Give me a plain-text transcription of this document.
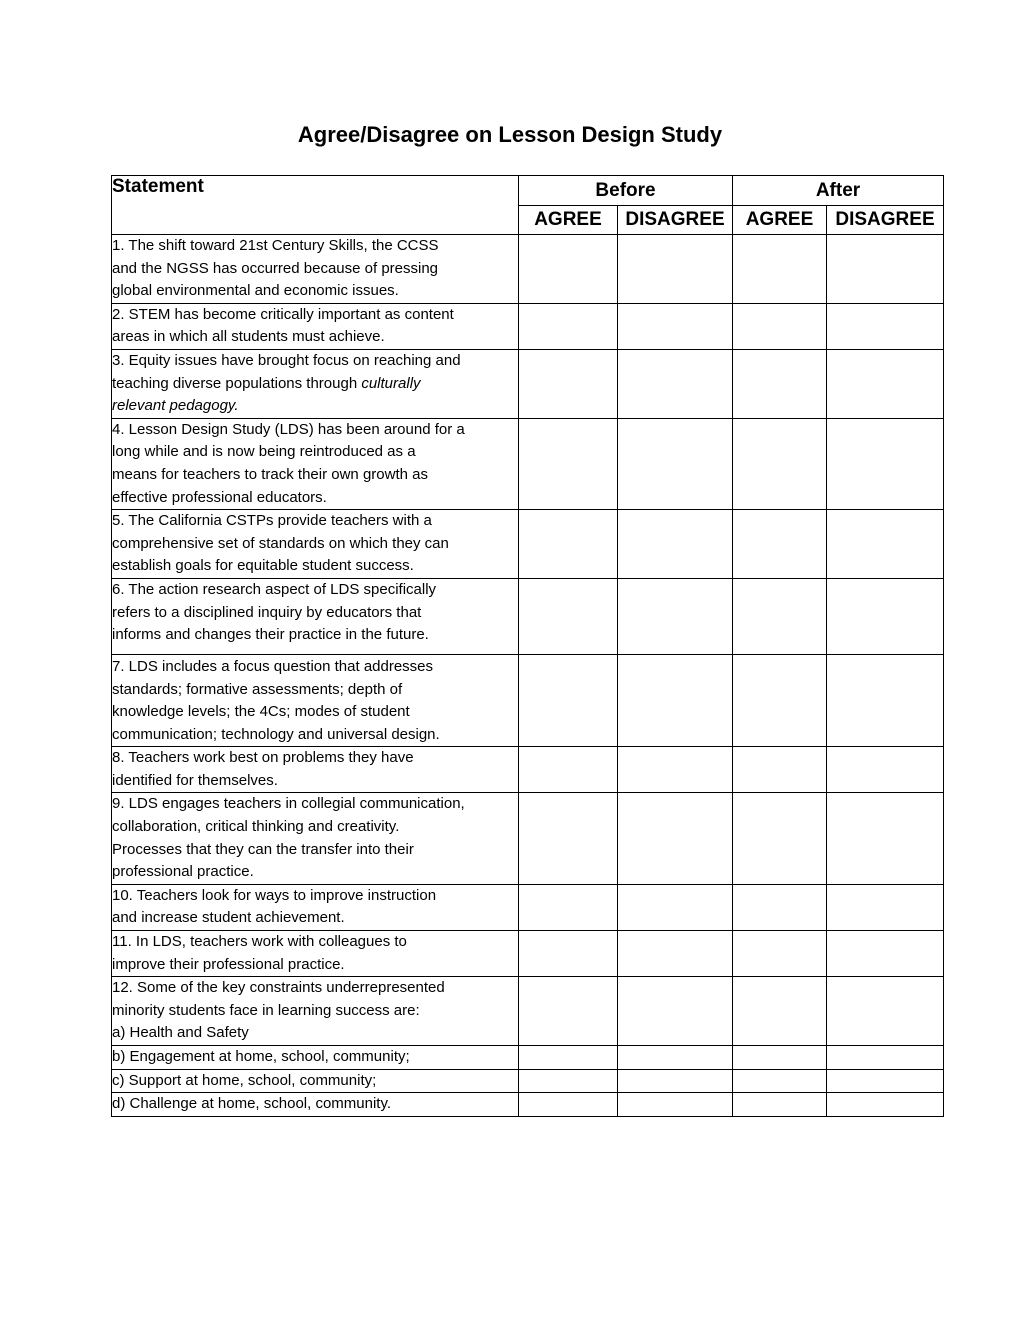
Agree/Disagree on Lesson Design Study
Statement	Before		After	
	AGREE	DISAGREE	AGREE	DISAGREE

1. The shift toward 21st Century Skills, the CCSS
and the NGSS has occurred because of pressing
global environmental and economic issues.				

2. STEM has become critically important as content
areas in which all students must achieve.				

3. Equity issues have brought focus on reaching and
teaching diverse populations through culturally
relevant pedagogy.				

4. Lesson Design Study (LDS) has been around for a
long while and is now being reintroduced as a
means for teachers to track their own growth as
effective professional educators.				

5. The California CSTPs provide teachers with a
comprehensive set of standards on which they can
establish goals for equitable student success.				

6. The action research aspect of LDS specifically
refers to a disciplined inquiry by educators that
informs and changes their practice in the future.				

7. LDS includes a focus question that addresses
standards; formative assessments; depth of
knowledge levels; the 4Cs; modes of student
communication; technology and universal design.				

8. Teachers work best on problems they have
identified for themselves.				

9. LDS engages teachers in collegial communication,
collaboration, critical thinking and creativity.
Processes that they can the transfer into their
professional practice.				

10. Teachers look for ways to improve instruction
and increase student achievement.				

11. In LDS, teachers work with colleagues to
improve their professional practice.				

12. Some of the key constraints underrepresented
minority students face in learning success are:
a) Health and Safety				

b) Engagement at home, school, community;				

c) Support at home, school, community;				

d) Challenge at home, school, community.				
